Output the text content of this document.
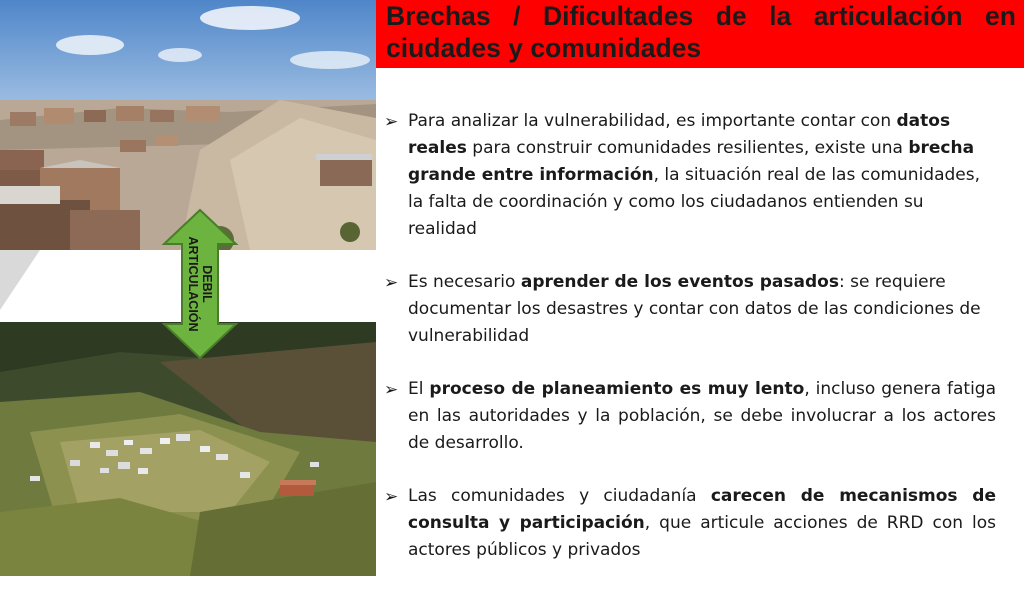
DEBIL
ARTICULACIÓN
Brechas / Dificultades de la articulación en ciudades y comunidades
➢ Para analizar la vulnerabilidad, es importante contar con datos reales para construir comunidades resilientes, existe una brecha grande entre información, la situación real de las comunidades, la falta de coordinación y como los ciudadanos entienden su realidad
➢ Es necesario aprender de los eventos pasados: se requiere documentar los desastres y contar con datos de las condiciones de vulnerabilidad
➢ El proceso de planeamiento es muy lento, incluso genera fatiga en las autoridades y la población, se debe involucrar a los actores de desarrollo.
➢ Las comunidades y ciudadanía carecen de mecanismos de consulta y participación, que articule acciones de RRD con los actores públicos y privados
